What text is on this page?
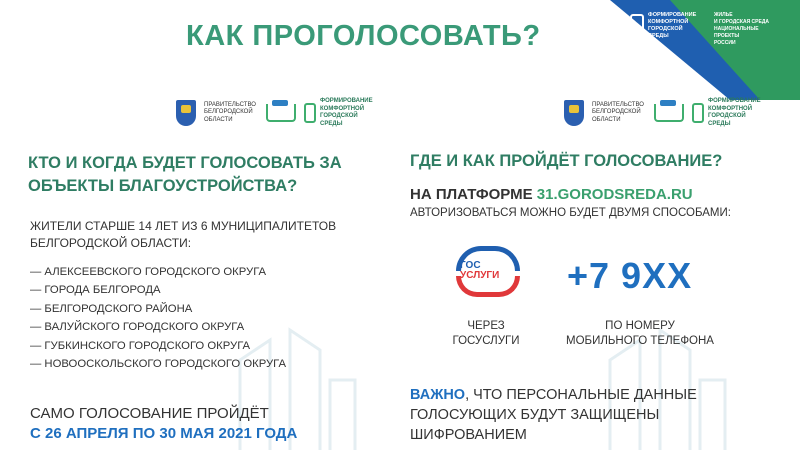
ФОРМИРОВАНИЕ
КОМФОРТНОЙ
ГОРОДСКОЙ СРЕДЫ
ЖИЛЬЕ
И ГОРОДСКАЯ СРЕДА
НАЦИОНАЛЬНЫЕ
ПРОЕКТЫ
РОССИИ
КАК ПРОГОЛОСОВАТЬ?
ПРАВИТЕЛЬСТВО
БЕЛГОРОДСКОЙ
ОБЛАСТИ
ФОРМИРОВАНИЕ
КОМФОРТНОЙ
ГОРОДСКОЙ СРЕДЫ
ПРАВИТЕЛЬСТВО
БЕЛГОРОДСКОЙ
ОБЛАСТИ
ФОРМИРОВАНИЕ
КОМФОРТНОЙ
ГОРОДСКОЙ СРЕДЫ
КТО И КОГДА БУДЕТ ГОЛОСОВАТЬ ЗА ОБЪЕКТЫ БЛАГОУСТРОЙСТВА?
ЖИТЕЛИ СТАРШЕ 14 ЛЕТ ИЗ 6 МУНИЦИПАЛИТЕТОВ БЕЛГОРОДСКОЙ ОБЛАСТИ:
— АЛЕКСЕЕВСКОГО ГОРОДСКОГО ОКРУГА
— ГОРОДА БЕЛГОРОДА
— БЕЛГОРОДСКОГО РАЙОНА
— ВАЛУЙСКОГО ГОРОДСКОГО ОКРУГА
— ГУБКИНСКОГО ГОРОДСКОГО ОКРУГА
— НОВООСКОЛЬСКОГО ГОРОДСКОГО ОКРУГА
САМО ГОЛОСОВАНИЕ ПРОЙДЁТ
С 26 АПРЕЛЯ ПО 30 МАЯ 2021 ГОДА
ГДЕ И КАК ПРОЙДЁТ ГОЛОСОВАНИЕ?
НА ПЛАТФОРМЕ 31.GORODSREDA.RU
АВТОРИЗОВАТЬСЯ МОЖНО БУДЕТ ДВУМЯ СПОСОБАМИ:
ГОС
УСЛУГИ +7 9XX
ЧЕРЕЗ
ГОСУСЛУГИ
ПО НОМЕРУ
МОБИЛЬНОГО ТЕЛЕФОНА
ВАЖНО, ЧТО ПЕРСОНАЛЬНЫЕ ДАННЫЕ ГОЛОСУЮЩИХ БУДУТ ЗАЩИЩЕНЫ ШИФРОВАНИЕМ
